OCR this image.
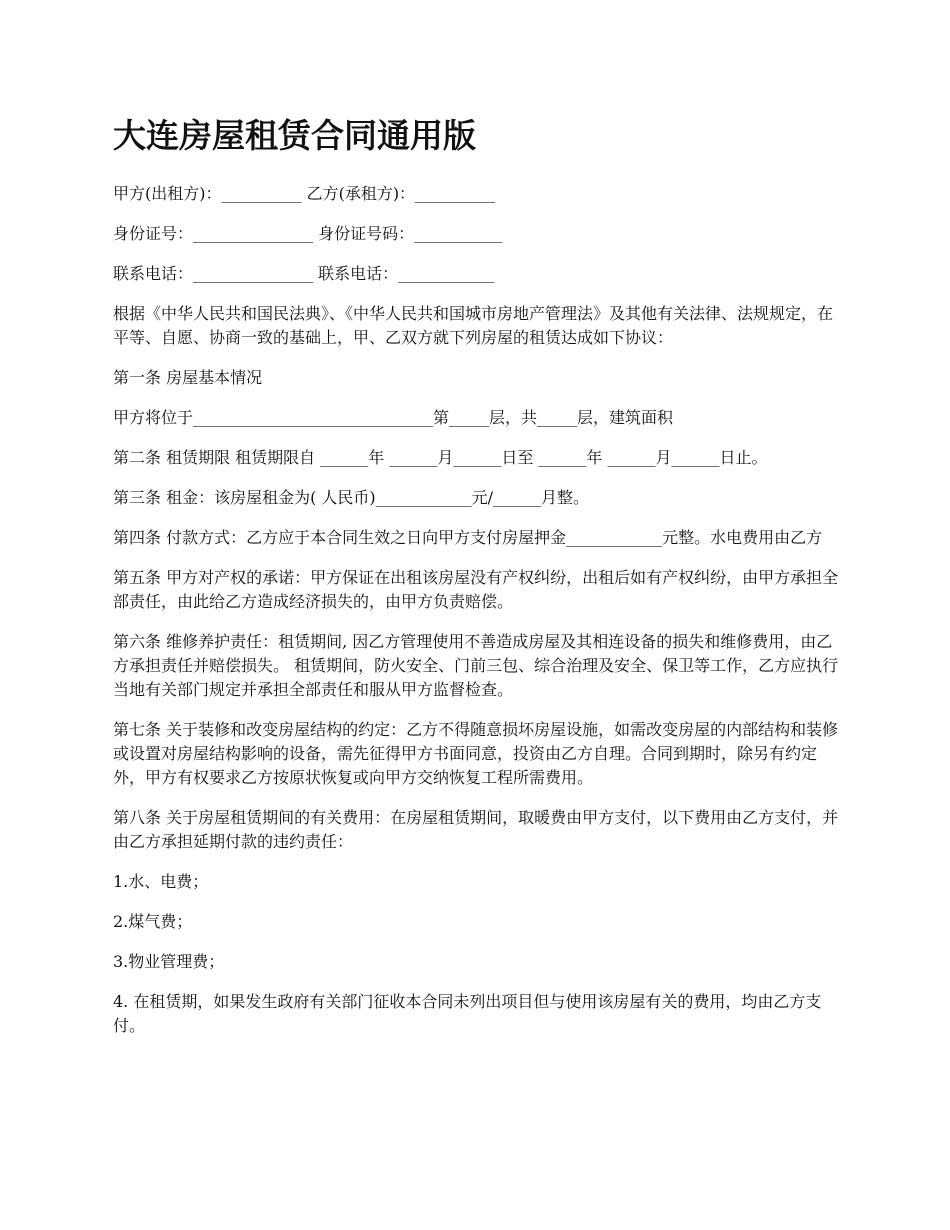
大连房屋租赁合同通用版

甲方(出租方)：__________ 乙方(承租方)：__________

身份证号：_______________ 身份证号码：___________

联系电话：_______________ 联系电话：____________

根据《中华人民共和国民法典》、《中华人民共和国城市房地产管理法》及其他有关法律、法规规定，在平等、自愿、协商一致的基础上，甲、乙双方就下列房屋的租赁达成如下协议：

第一条 房屋基本情况

甲方将位于______________________________第_____层，共_____层，建筑面积

第二条 租赁期限 租赁期限自 ______年 ______月______日至 ______年 ______月______日止。

第三条 租金：该房屋租金为( 人民币)____________元/______月整。

第四条 付款方式：乙方应于本合同生效之日向甲方支付房屋押金____________元整。水电费用由乙方

第五条 甲方对产权的承诺：甲方保证在出租该房屋没有产权纠纷，出租后如有产权纠纷，由甲方承担全部责任，由此给乙方造成经济损失的，由甲方负责赔偿。

第六条 维修养护责任：租赁期间, 因乙方管理使用不善造成房屋及其相连设备的损失和维修费用，由乙方承担责任并赔偿损失。 租赁期间，防火安全、门前三包、综合治理及安全、保卫等工作，乙方应执行当地有关部门规定并承担全部责任和服从甲方监督检查。

第七条 关于装修和改变房屋结构的约定：乙方不得随意损坏房屋设施，如需改变房屋的内部结构和装修或设置对房屋结构影响的设备，需先征得甲方书面同意，投资由乙方自理。合同到期时，除另有约定外，甲方有权要求乙方按原状恢复或向甲方交纳恢复工程所需费用。

第八条 关于房屋租赁期间的有关费用：在房屋租赁期间，取暖费由甲方支付，以下费用由乙方支付，并由乙方承担延期付款的违约责任：

1.水、电费；

2.煤气费；

3.物业管理费；

4. 在租赁期，如果发生政府有关部门征收本合同未列出项目但与使用该房屋有关的费用，均由乙方支付。
